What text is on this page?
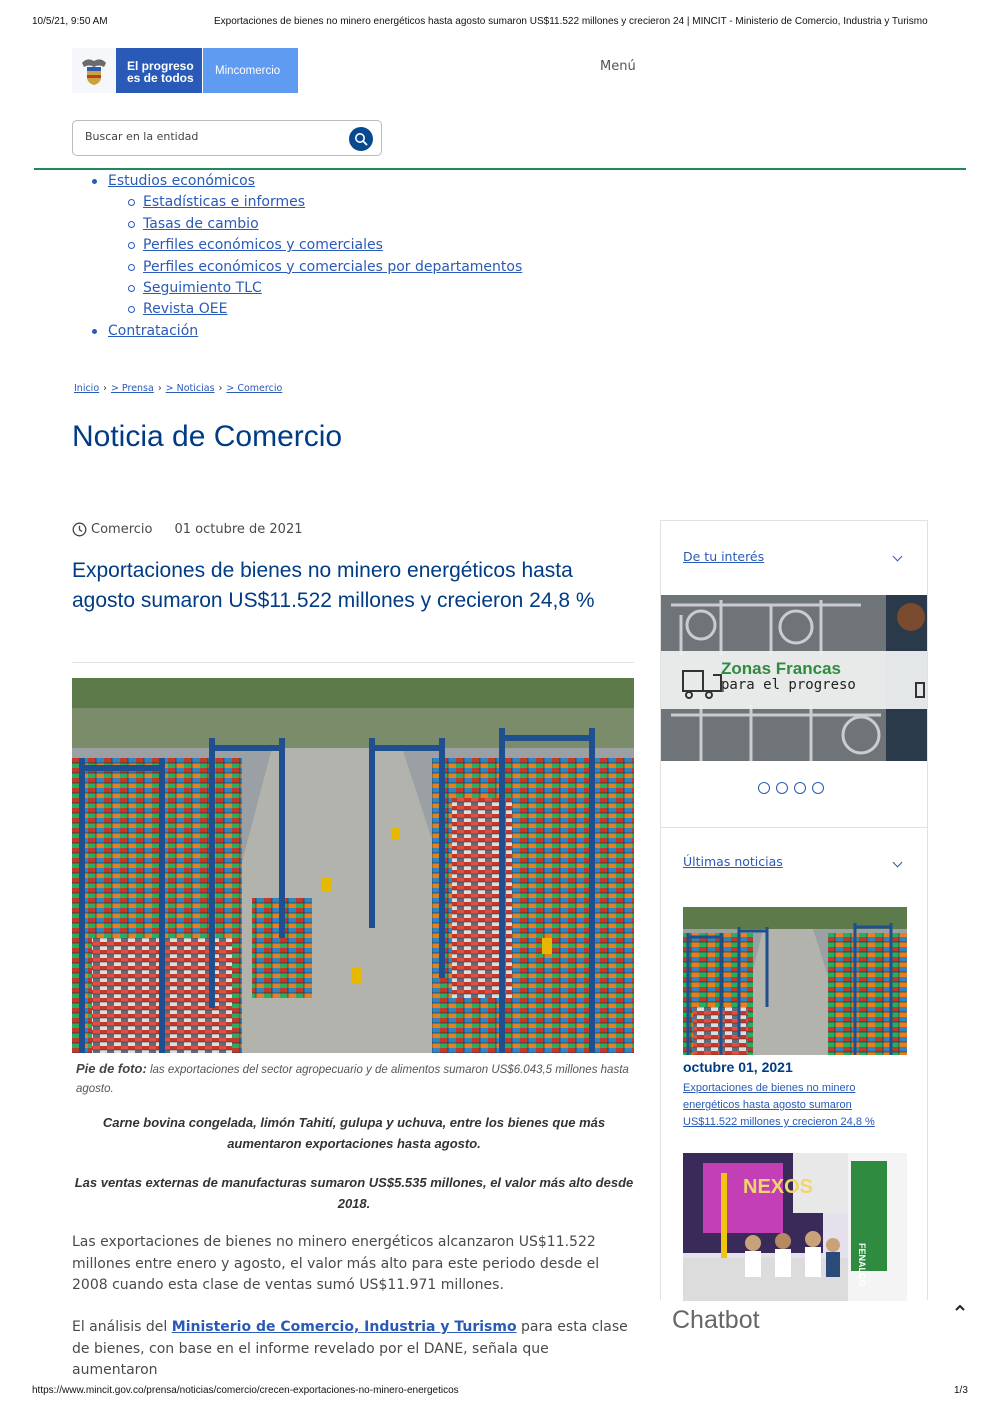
10/5/21, 9:50 AM	Exportaciones de bienes no minero energéticos hasta agosto sumaron US$11.522 millones y crecieron 24 | MINCIT - Ministerio de Comercio, Industria y Turismo
El progreso
es de todos
Mincomercio	Menú
Buscar en la entidad
Estudios económicos
Estadísticas e informes
Tasas de cambio
Perfiles económicos y comerciales
Perfiles económicos y comerciales por departamentos
Seguimiento TLC
Revista OEE
Contratación
Inicio › > Prensa › > Noticias › > Comercio
Noticia de Comercio
Comercio 01 octubre de 2021
Exportaciones de bienes no minero energéticos hasta agosto sumaron US$11.522 millones y crecieron 24,8 %
Pie de foto: las exportaciones del sector agropecuario y de alimentos sumaron US$6.043,5 millones hasta agosto.
Carne bovina congelada, limón Tahití, gulupa y uchuva, entre los bienes que más aumentaron exportaciones hasta agosto.
Las ventas externas de manufacturas sumaron US$5.535 millones, el valor más alto desde 2018.

Las exportaciones de bienes no minero energéticos alcanzaron US$11.522 millones entre enero y agosto, el valor más alto para este periodo desde el 2008 cuando esta clase de ventas sumó US$11.971 millones.

El análisis del Ministerio de Comercio, Industria y Turismo para esta clase de bienes, con base en el informe revelado por el DANE, señala que aumentaron

De tu interés
Zonas Francas
para el progreso
Últimas noticias
octubre 01, 2021
Exportaciones de bienes no minero energéticos hasta agosto sumaron US$11.522 millones y crecieron 24,8 %
NEXOS
FENALCO
Chatbot
https://www.mincit.gov.co/prensa/noticias/comercio/crecen-exportaciones-no-minero-energeticos	1/3
